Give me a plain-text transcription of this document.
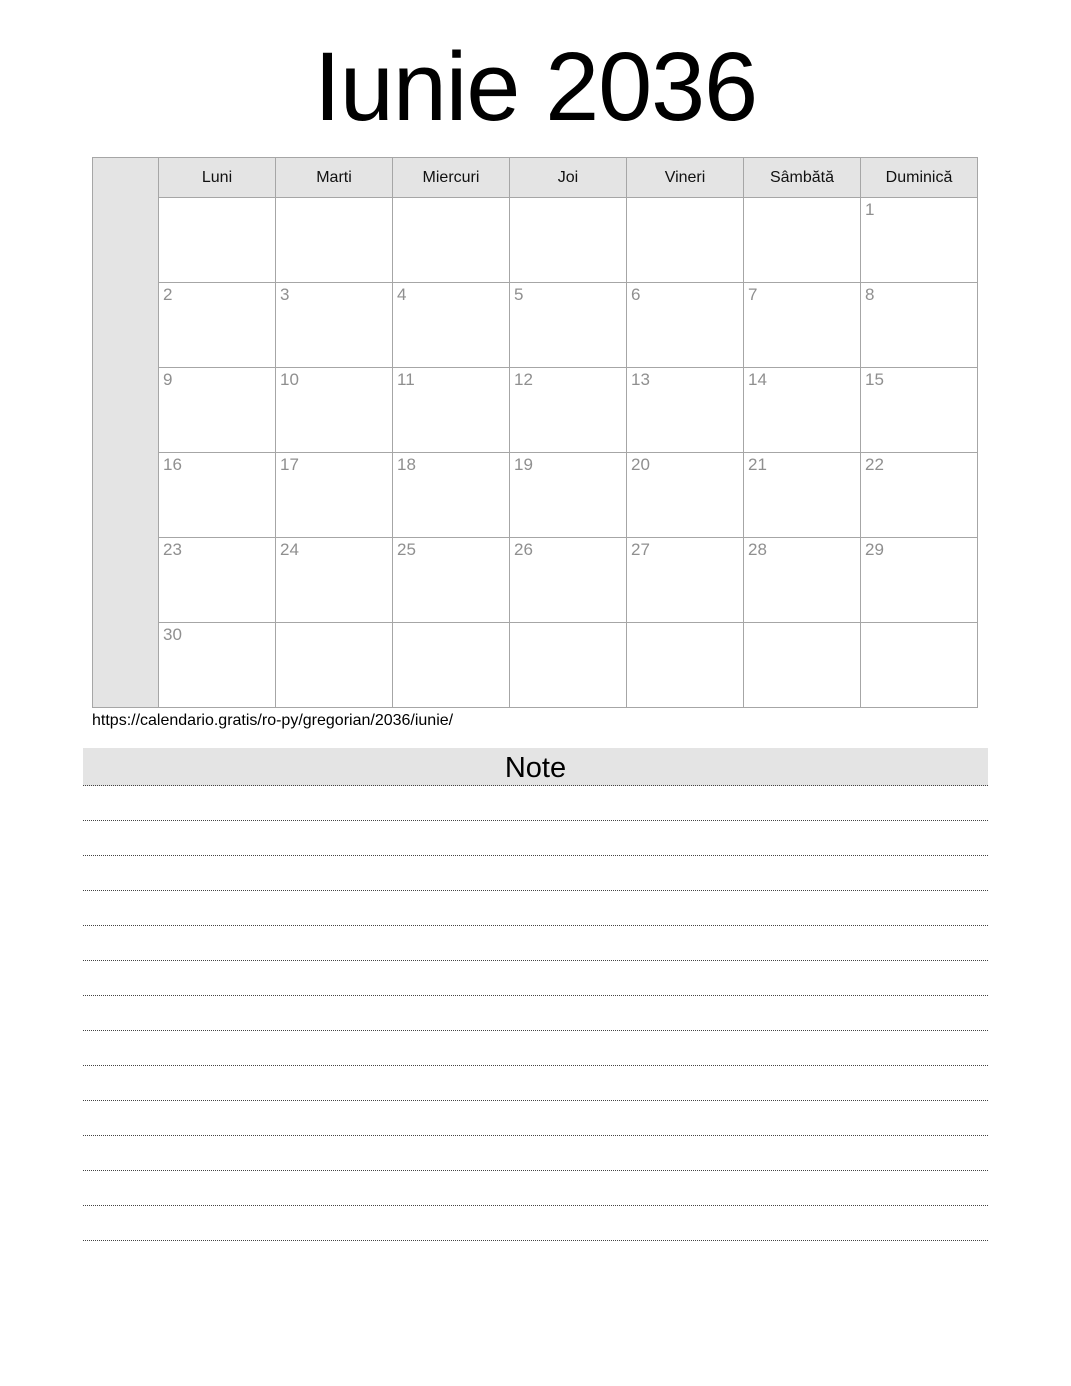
Iunie 2036
	Luni	Marti	Miercuri	Joi	Vineri	Sâmbătă	Duminică
							1
	2	3	4	5	6	7	8
	9	10	11	12	13	14	15
	16	17	18	19	20	21	22
	23	24	25	26	27	28	29
	30						
https://calendario.gratis/ro-py/gregorian/2036/iunie/
Note
